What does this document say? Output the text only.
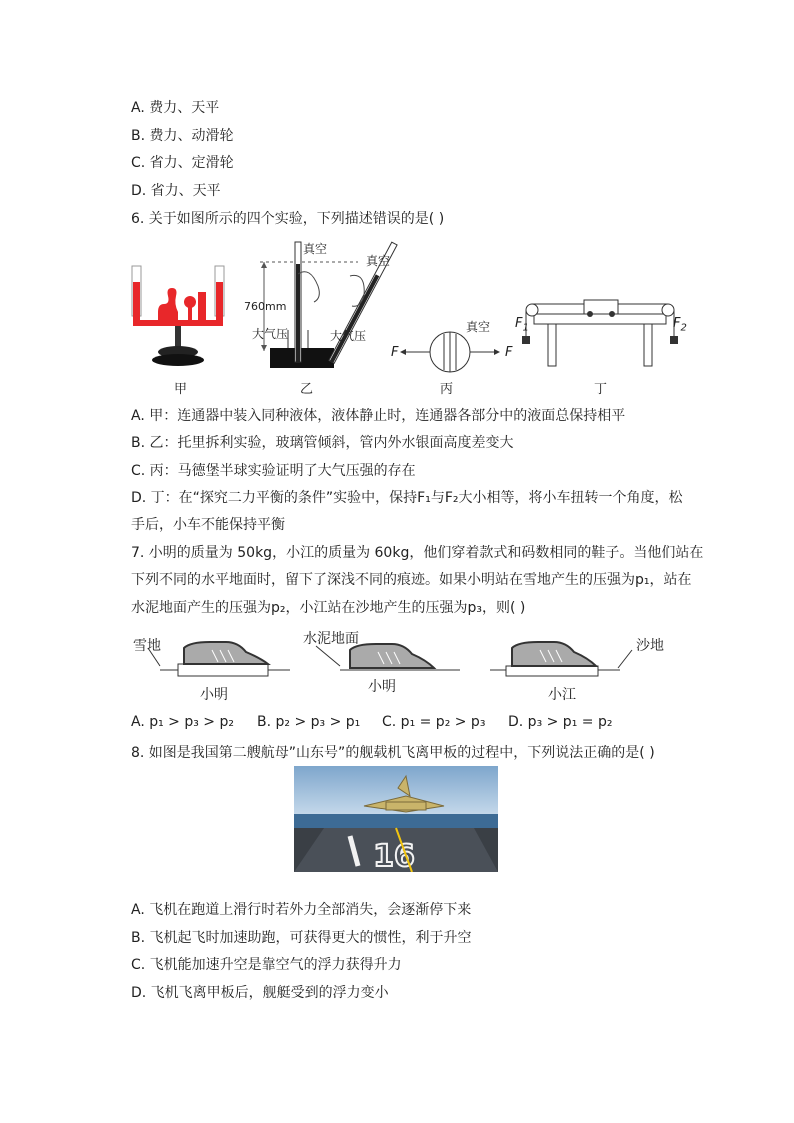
A. 费力、天平
B. 费力、动滑轮
C. 省力、定滑轮
D. 省力、天平
6. 关于如图所示的四个实验，下列描述错误的是( )
甲
真空
真空
760mm
大气压	大气压
乙
真空
F	F
丙
$F_1$	$F_2$
丁
A. 甲：连通器中装入同种液体，液体静止时，连通器各部分中的液面总保持相平
B. 乙：托里拆利实验，玻璃管倾斜，管内外水银面高度差变大
C. 丙：马德堡半球实验证明了大气压强的存在
D. 丁：在“探究二力平衡的条件”实验中，保持F₁与F₂大小相等，将小车扭转一个角度，松
手后，小车不能保持平衡
7. 小明的质量为 50kg，小江的质量为 60kg，他们穿着款式和码数相同的鞋子。当他们站在
下列不同的水平地面时，留下了深浅不同的痕迹。如果小明站在雪地产生的压强为p₁，站在
水泥地面产生的压强为p₂，小江站在沙地产生的压强为p₃，则( )
雪地	水泥地面	沙地
小明	小明	小江
A. p₁ > p₃ > p₂ B. p₂ > p₃ > p₁ C. p₁ = p₂ > p₃ D. p₃ > p₁ = p₂
8. 如图是我国第二艘航母”山东号”的舰载机飞离甲板的过程中，下列说法正确的是( )
16
A. 飞机在跑道上滑行时若外力全部消失，会逐渐停下来
B. 飞机起飞时加速助跑，可获得更大的惯性，利于升空
C. 飞机能加速升空是靠空气的浮力获得升力
D. 飞机飞离甲板后，舰艇受到的浮力变小
